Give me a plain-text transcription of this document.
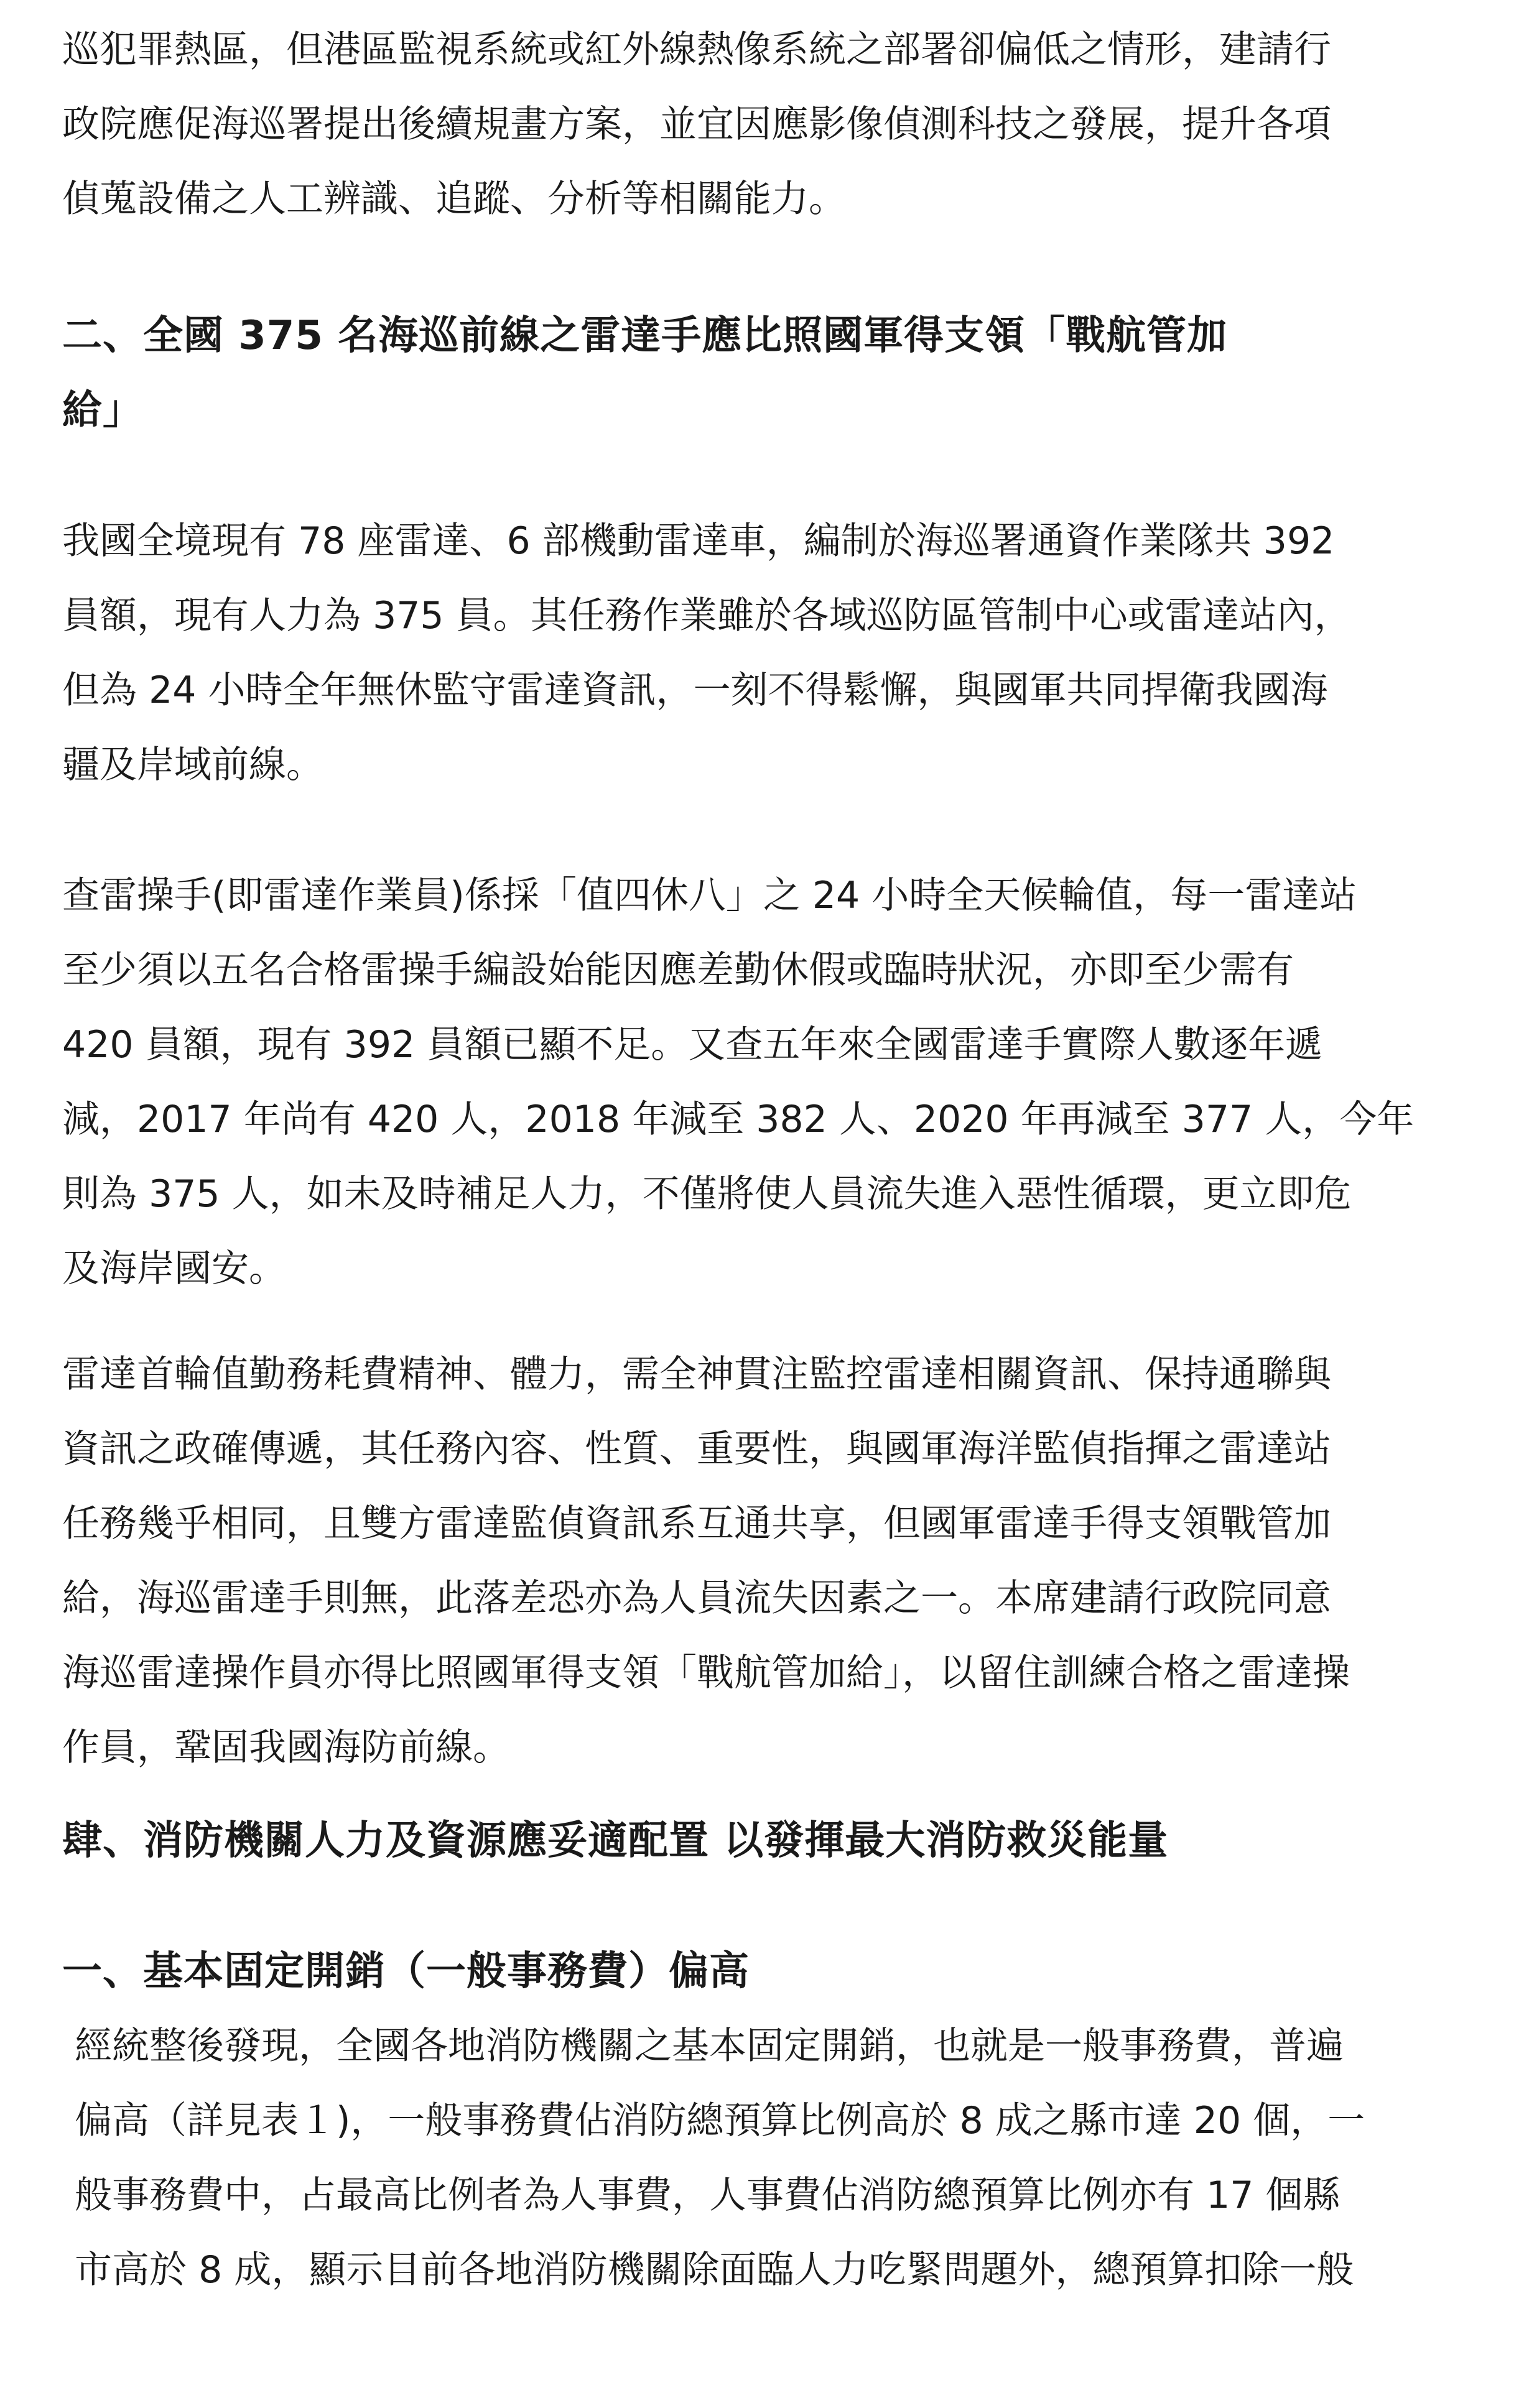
巡犯罪熱區，但港區監視系統或紅外線熱像系統之部署卻偏低之情形，建請行
政院應促海巡署提出後續規畫方案，並宜因應影像偵測科技之發展，提升各項
偵蒐設備之人工辨識、追蹤、分析等相關能力。
二、全國 375 名海巡前線之雷達手應比照國軍得支領「戰航管加
給」
我國全境現有 78 座雷達、6 部機動雷達車，編制於海巡署通資作業隊共 392
員額，現有人力為 375 員。其任務作業雖於各域巡防區管制中心或雷達站內，
但為 24 小時全年無休監守雷達資訊，一刻不得鬆懈，與國軍共同捍衛我國海
疆及岸域前線。
查雷操手(即雷達作業員)係採「值四休八」之 24 小時全天候輪值，每一雷達站
至少須以五名合格雷操手編設始能因應差勤休假或臨時狀況，亦即至少需有
420 員額，現有 392 員額已顯不足。又查五年來全國雷達手實際人數逐年遞
減，2017 年尚有 420 人，2018 年減至 382 人、2020 年再減至 377 人，今年
則為 375 人，如未及時補足人力，不僅將使人員流失進入惡性循環，更立即危
及海岸國安。
雷達首輪值勤務耗費精神、體力，需全神貫注監控雷達相關資訊、保持通聯與
資訊之政確傳遞，其任務內容、性質、重要性，與國軍海洋監偵指揮之雷達站
任務幾乎相同，且雙方雷達監偵資訊系互通共享，但國軍雷達手得支領戰管加
給，海巡雷達手則無，此落差恐亦為人員流失因素之一。本席建請行政院同意
海巡雷達操作員亦得比照國軍得支領「戰航管加給」，以留住訓練合格之雷達操
作員，鞏固我國海防前線。
肆、消防機關人力及資源應妥適配置 以發揮最大消防救災能量
一、基本固定開銷（一般事務費）偏高
經統整後發現，全國各地消防機關之基本固定開銷，也就是一般事務費，普遍
偏高（詳見表１)，一般事務費佔消防總預算比例高於 8 成之縣市達 20 個，一
般事務費中，占最高比例者為人事費，人事費佔消防總預算比例亦有 17 個縣
市高於 8 成，顯示目前各地消防機關除面臨人力吃緊問題外，總預算扣除一般
